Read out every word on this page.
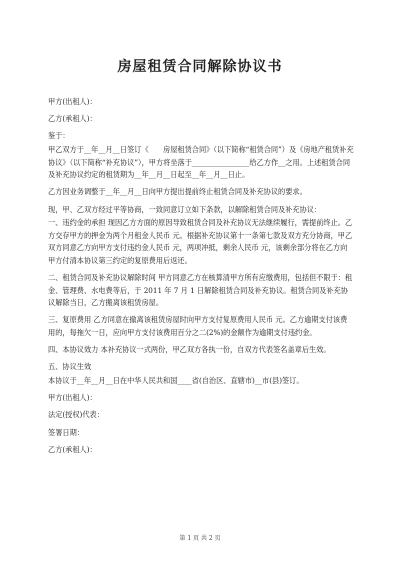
房屋租赁合同解除协议书

甲方(出租人)：

乙方(承租人)：

鉴于：

甲乙双方于__年__月__日签订《　　房屋租赁合同》（以下简称“租赁合同”）及《房地产租赁补充协议》（以下简称“补充协议”），甲方将坐落于________________给乙方作__之用。上述租赁合同及补充协议约定的租赁期为__年__月__日起至__年__月__日止。

乙方因业务调整于__年__月__日向甲方提出提前终止租赁合同及补充协议的要求。

现，甲、乙双方经过平等协商，一致同意订立如下条款，以解除租赁合同及补充协议：

一、违约金的承担 现因乙方方面的原因导致租赁合同及补充协议无法继续履行，需提前终止。乙方交存甲方的押金为两个月租金人民币 元。根据补充协议第十一条第七款及双方充分协商，甲乙双方同意乙方向甲方支付违约金人民币 元，两项冲抵，剩余人民币 元，该剩余部分将在乙方向甲方付清本协议第三约定的复原费用后返还。

二、租赁合同及补充协议解除时间 甲方同意乙方在核算清甲方所有应缴费用，包括但不限于：租金、管理费、水电费等后，于 2011 年 7 月 1 日解除租赁合同及补充协议。租赁合同及补充协议解除当日，乙方搬离该租赁房屋。

三、复原费用 乙方同意在撤离该租赁房屋时向甲方支付复原费用人民币 元。乙方逾期支付该费用的，每拖欠一日，应向甲方支付该费用百分之二(2%)的金额作为逾期支付违约金。

四、本协议效力 本补充协议一式两份，甲乙双方各执一份，自双方代表签名盖章后生效。

五、协议生效

本协议于__年__月__日在中华人民共和国____省(自治区、直辖市)__市(县)签订。

甲方(出租人)：

法定(授权)代表：

签署日期：

乙方(承租人)：

第 1 页 共 2 页
